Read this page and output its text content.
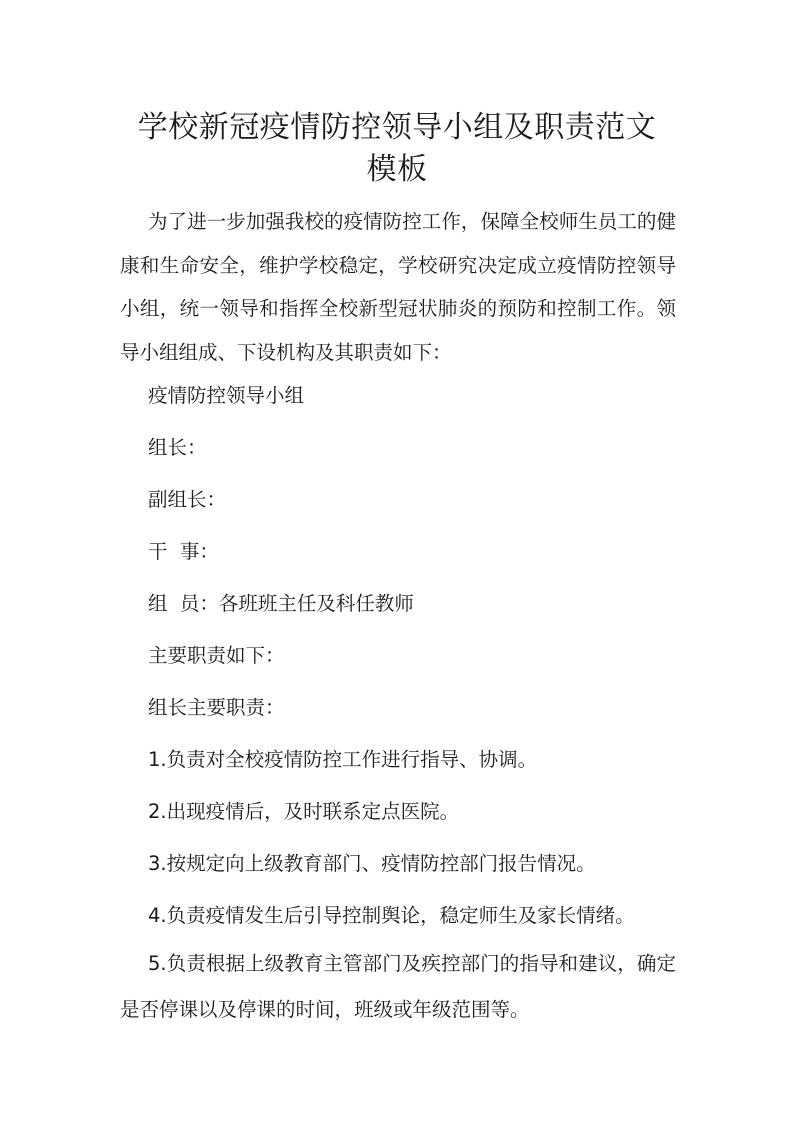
学校新冠疫情防控领导小组及职责范文
模板

为了进一步加强我校的疫情防控工作，保障全校师生员工的健康和生命安全，维护学校稳定，学校研究决定成立疫情防控领导小组，统一领导和指挥全校新型冠状肺炎的预防和控制工作。领导小组组成、下设机构及其职责如下：

疫情防控领导小组

组长：

副组长：

干  事：

组  员：各班班主任及科任教师

主要职责如下：

组长主要职责：

1.负责对全校疫情防控工作进行指导、协调。

2.出现疫情后，及时联系定点医院。

3.按规定向上级教育部门、疫情防控部门报告情况。

4.负责疫情发生后引导控制舆论，稳定师生及家长情绪。

5.负责根据上级教育主管部门及疾控部门的指导和建议，确定是否停课以及停课的时间，班级或年级范围等。
